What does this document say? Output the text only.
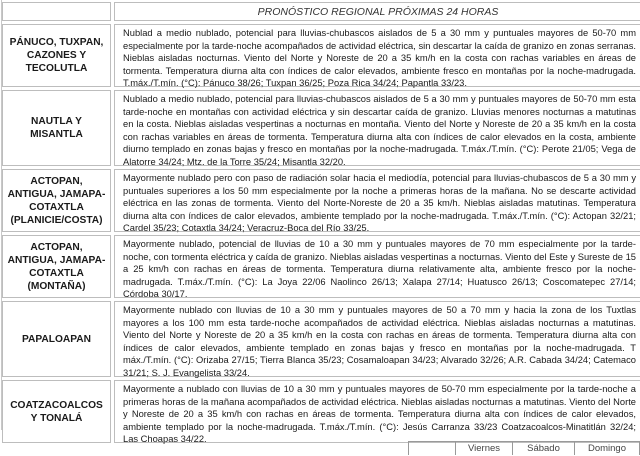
PRONÓSTICO REGIONAL PRÓXIMAS 24 HORAS
PÁNUCO, TUXPAN, CAZONES Y TECOLUTLA
Nublad a medio nublado, potencial para lluvias-chubascos aislados de 5 a 30 mm y puntuales mayores de 50-70 mm especialmente por la tarde-noche acompañados de actividad eléctrica, sin descartar la caída de granizo en zonas serranas. Nieblas aisladas nocturnas. Viento del Norte y Noreste de 20 a 35 km/h en la costa con rachas variables en áreas de tormenta. Temperatura diurna alta con índices de calor elevados, ambiente fresco en montañas por la noche-madrugada. T.máx./T.mín. (°C): Pánuco 38/26; Tuxpan 36/25; Poza Rica 34/24; Papantla 33/23.
NAUTLA Y MISANTLA
Nublado a medio nublado, potencial para lluvias-chubascos aislados de 5 a 30 mm y puntuales mayores de 50-70 mm esta tarde-noche en montañas con actividad eléctrica y sin descartar caída de granizo. Lluvias menores nocturnas a matutinas en la costa. Nieblas aisladas vespertinas a nocturnas en montaña. Viento del Norte y Noreste de 20 a 35 km/h en la costa con rachas variables en áreas de tormenta. Temperatura diurna alta con índices de calor elevados en la costa, ambiente diurno templado en zonas bajas y fresco en montañas por la noche-madrugada. T.máx./T.mín. (°C): Perote 21/05; Vega de Alatorre 34/24; Mtz. de la Torre 35/24; Misantla 32/20.
ACTOPAN, ANTIGUA, JAMAPA-COTAXTLA (PLANICIE/COSTA)
Mayormente nublado pero con paso de radiación solar hacia el mediodía, potencial para lluvias-chubascos de 5 a 30 mm y puntuales superiores a los 50 mm especialmente por la noche a primeras horas de la mañana. No se descarte actividad eléctrica en las zonas de tormenta. Viento del Norte-Noreste de 20 a 35 km/h. Nieblas aisladas matutinas. Temperatura diurna alta con índices de calor elevados, ambiente templado por la noche-madrugada. T.máx./T.mín. (°C): Actopan 32/21; Cardel 35/23; Cotaxtla 34/24; Veracruz-Boca del Río 33/25.
ACTOPAN, ANTIGUA, JAMAPA-COTAXTLA (MONTAÑA)
Mayormente nublado, potencial de lluvias de 10 a 30 mm y puntuales mayores de 70 mm especialmente por la tarde-noche, con tormenta eléctrica y caída de granizo. Nieblas aisladas vespertinas a nocturnas. Viento del Este y Sureste de 15 a 25 km/h con rachas en áreas de tormenta. Temperatura diurna relativamente alta, ambiente fresco por la noche-madrugada. T.máx./T.mín. (°C): La Joya 22/06 Naolinco 26/13; Xalapa 27/14; Huatusco 26/13; Coscomatepec 27/14; Córdoba 30/17.
PAPALOAPAN
Mayormente nublado con lluvias de 10 a 30 mm y puntuales mayores de 50 a 70 mm y hacia la zona de los Tuxtlas mayores a los 100 mm esta tarde-noche acompañados de actividad eléctrica. Nieblas aisladas nocturnas a matutinas. Viento del Norte y Noreste de 20 a 35 km/h en la costa con rachas en áreas de tormenta. Temperatura diurna alta con índices de calor elevados, ambiente templado en zonas bajas y fresco en montañas por la noche-madrugada. T máx./T.mín. (°C): Orizaba 27/15; Tierra Blanca 35/23; Cosamaloapan 34/23; Alvarado 32/26; A.R. Cabada 34/24; Catemaco 31/21; S. J. Evangelista 33/24.
COATZACOALCOS Y TONALÁ
Mayormente a nublado con lluvias de 10 a 30 mm y puntuales mayores de 50-70 mm especialmente por la tarde-noche a primeras horas de la mañana acompañados de actividad eléctrica. Nieblas aisladas nocturnas a matutinas. Viento del Norte y Noreste de 20 a 35 km/h con rachas en áreas de tormenta. Temperatura diurna alta con índices de calor elevados, ambiente templado por la noche-madrugada. T.máx./T.mín. (°C): Jesús Carranza 33/23 Coatzacoalcos-Minatitlán 32/24; Las Choapas 34/22.
Viernes	Sábado	Domingo
